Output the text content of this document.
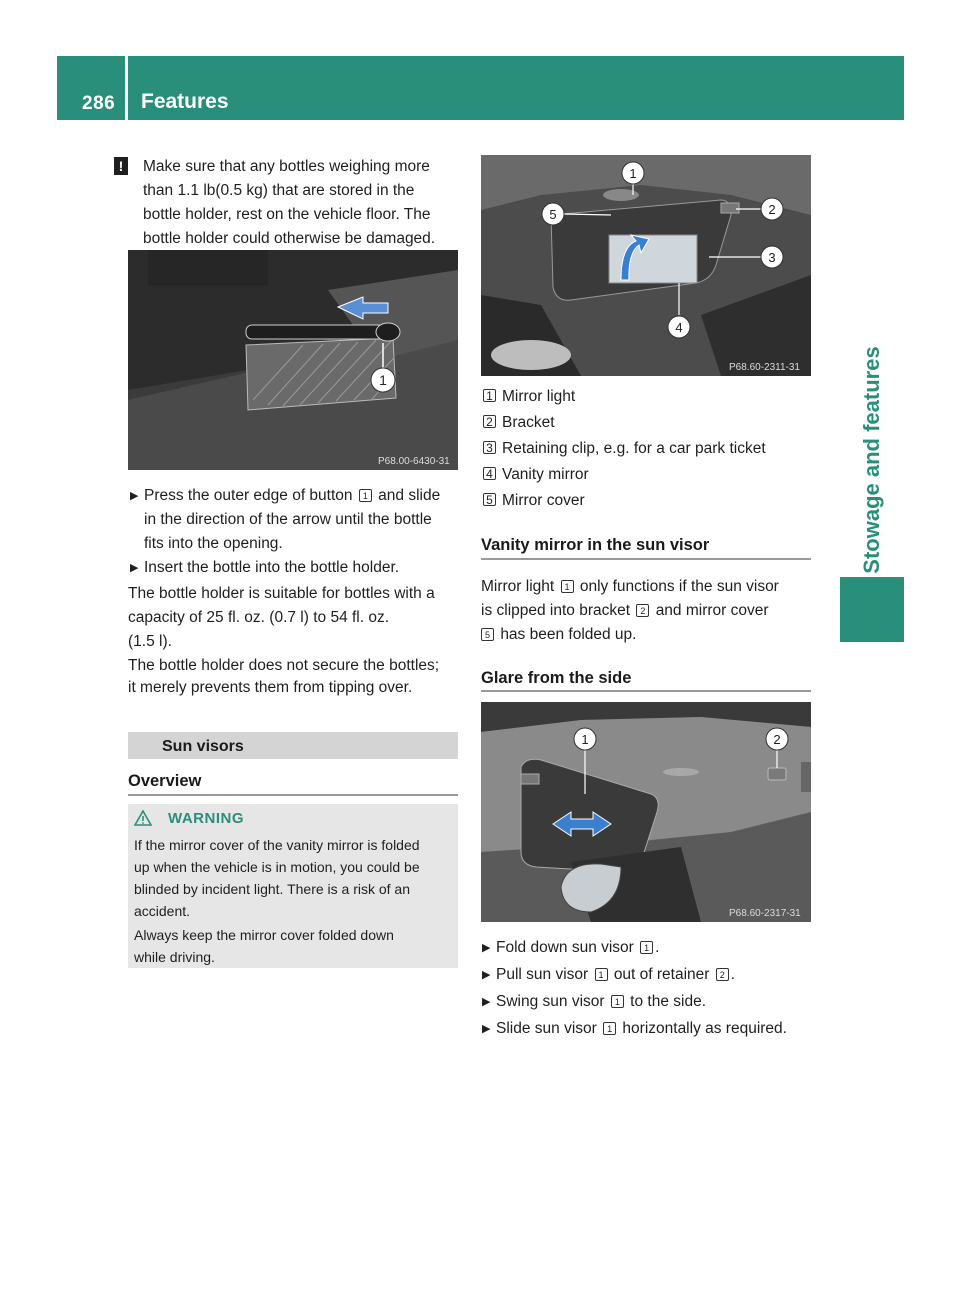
286 Features
Stowage and features
!	Make sure that any bottles weighing more
than 1.1 lb(0.5 kg) that are stored in the
bottle holder, rest on the vehicle floor. The
bottle holder could otherwise be damaged.
1
P68.00-6430-31
▶ Press the outer edge of button 1 and slide
in the direction of the arrow until the bottle
fits into the opening.
▶ Insert the bottle into the bottle holder.
The bottle holder is suitable for bottles with a
capacity of 25 fl. oz. (0.7 l) to 54 fl. oz.
(1.5 l).
The bottle holder does not secure the bottles;
it merely prevents them from tipping over.
Sun visors
Overview
WARNING
If the mirror cover of the vanity mirror is folded
up when the vehicle is in motion, you could be
blinded by incident light. There is a risk of an
accident.
Always keep the mirror cover folded down
while driving.
1
2
3
5
4
P68.60-2311-31
1 Mirror light
2 Bracket
3 Retaining clip, e.g. for a car park ticket
4 Vanity mirror
5 Mirror cover
Vanity mirror in the sun visor
Mirror light 1 only functions if the sun visor
is clipped into bracket 2 and mirror cover
5 has been folded up.
Glare from the side
1	2
P68.60-2317-31
▶ Fold down sun visor 1 .
▶ Pull sun visor 1 out of retainer 2 .
▶ Swing sun visor 1 to the side.
▶ Slide sun visor 1 horizontally as required.
